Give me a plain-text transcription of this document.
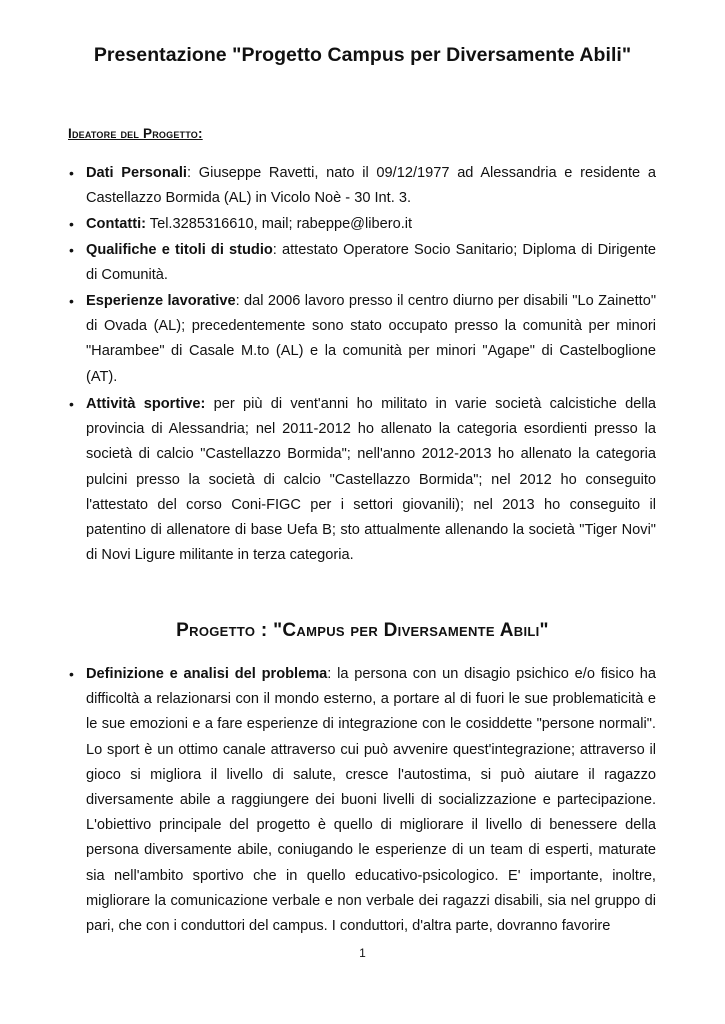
Presentazione "Progetto Campus per Diversamente Abili"
Ideatore del Progetto:
• Dati Personali: Giuseppe Ravetti, nato il 09/12/1977 ad Alessandria e residente a Castellazzo Bormida (AL) in Vicolo Noè - 30 Int. 3.
• Contatti: Tel.3285316610, mail; rabeppe@libero.it
• Qualifiche e titoli di studio: attestato Operatore Socio Sanitario; Diploma di Dirigente di Comunità.
• Esperienze lavorative: dal 2006 lavoro presso il centro diurno per disabili "Lo Zainetto" di Ovada (AL); precedentemente sono stato occupato presso la comunità per minori "Harambee" di Casale M.to (AL) e la comunità per minori "Agape" di Castelboglione (AT).
• Attività sportive: per più di vent'anni ho militato in varie società calcistiche della provincia di Alessandria; nel 2011-2012 ho allenato la categoria esordienti presso la società di calcio "Castellazzo Bormida"; nell'anno 2012-2013 ho allenato la categoria pulcini presso la società di calcio "Castellazzo Bormida"; nel 2012 ho conseguito l'attestato del corso Coni-FIGC per i settori giovanili); nel 2013 ho conseguito il patentino di allenatore di base Uefa B; sto attualmente allenando la società "Tiger Novi" di Novi Ligure militante in terza categoria.
Progetto : "Campus per Diversamente Abili"
• Definizione e analisi del problema: la persona con un disagio psichico e/o fisico ha difficoltà a relazionarsi con il mondo esterno, a portare al di fuori le sue problematicità e le sue emozioni e a fare esperienze di integrazione con le cosiddette "persone normali". Lo sport è un ottimo canale attraverso cui può avvenire quest'integrazione; attraverso il gioco si migliora il livello di salute, cresce l'autostima, si può aiutare il ragazzo diversamente abile a raggiungere dei buoni livelli di socializzazione e partecipazione. L'obiettivo principale del progetto è quello di migliorare il livello di benessere della persona diversamente abile, coniugando le esperienze di un team di esperti, maturate sia nell'ambito sportivo che in quello educativo-psicologico. E' importante, inoltre, migliorare la comunicazione verbale e non verbale dei ragazzi disabili, sia nel gruppo di pari, che con i conduttori del campus. I conduttori, d'altra parte, dovranno favorire
1
